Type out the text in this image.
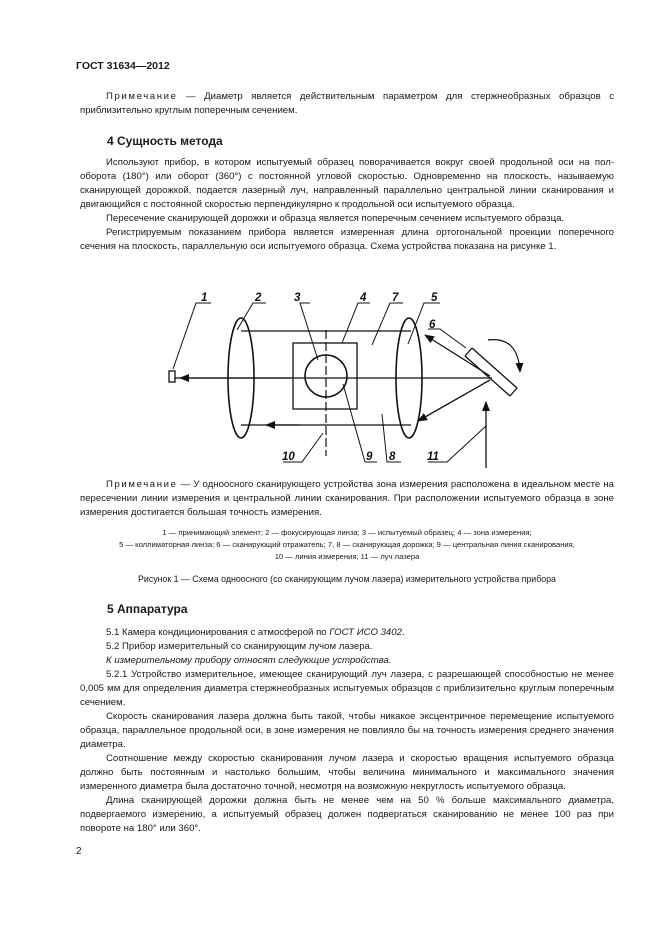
ГОСТ 31634—2012

Примечание — Диаметр является действительным параметром для стержнеобразных образцов с приблизительно круглым поперечным сечением.

4 Сущность метода

Используют прибор, в котором испытуемый образец поворачивается вокруг своей продольной оси на пол-оборота (180°) или оборот (360°) с постоянной угловой скоростью. Одновременно на плоскость, называемую сканирующей дорожкой, подается лазерный луч, направленный параллельно центральной линии сканирования и двигающийся с постоянной скоростью перпендикулярно к продольной оси испытуемого образца.

Пересечение сканирующей дорожки и образца является поперечным сечением испытуемого образца.

Регистрируемым показанием прибора является измеренная длина ортогональной проекции поперечного сечения на плоскость, параллельную оси испытуемого образца. Схема устройства показана на рисунке 1.

1	2	3	4 7	5
6
10	9 8	11

Примечание — У одноосного сканирующего устройства зона измерения расположена в идеальном месте на пересечении линии измерения и центральной линии сканирования. При расположении испытуемого образца в зоне измерения достигается большая точность измерения.

1 — принимающий элемент; 2 — фокусирующая линза; 3 — испытуемый образец; 4 — зона измерения;
5 — коллиматорная линза; 6 — сканирующий отражатель; 7, 8 — сканирующая дорожка; 9 — центральная линия сканирования,
10 — линия измерения; 11 — луч лазера
Рисунок 1 — Схема одноосного (со сканирующим лучом лазера) измерительного устройства прибора
5 Аппаратура

5.1 Камера кондиционирования с атмосферой по ГОСТ ИСО 3402.

5.2 Прибор измерительный со сканирующим лучом лазера.

К измерительному прибору относят следующие устройства.

5.2.1 Устройство измерительное, имеющее сканирующий луч лазера, с разрешающей способностью не менее 0,005 мм для определения диаметра стержнеобразных испытуемых образцов с приблизительно круглым поперечным сечением.

Скорость сканирования лазера должна быть такой, чтобы никакое эксцентричное перемещение испытуемого образца, параллельное продольной оси, в зоне измерения не повлияло бы на точность измерения среднего значения диаметра.

Соотношение между скоростью сканирования лучом лазера и скоростью вращения испытуемого образца должно быть постоянным и настолько большим, чтобы величина минимального и максимального значения измеренного диаметра была достаточно точной, несмотря на возможную некруглость испытуемого образца.

Длина сканирующей дорожки должна быть не менее чем на 50 % больше максимального диаметра, подвергаемого измерению, а испытуемый образец должен подвергаться сканированию не менее 100 раз при повороте на 180° или 360°.

2
